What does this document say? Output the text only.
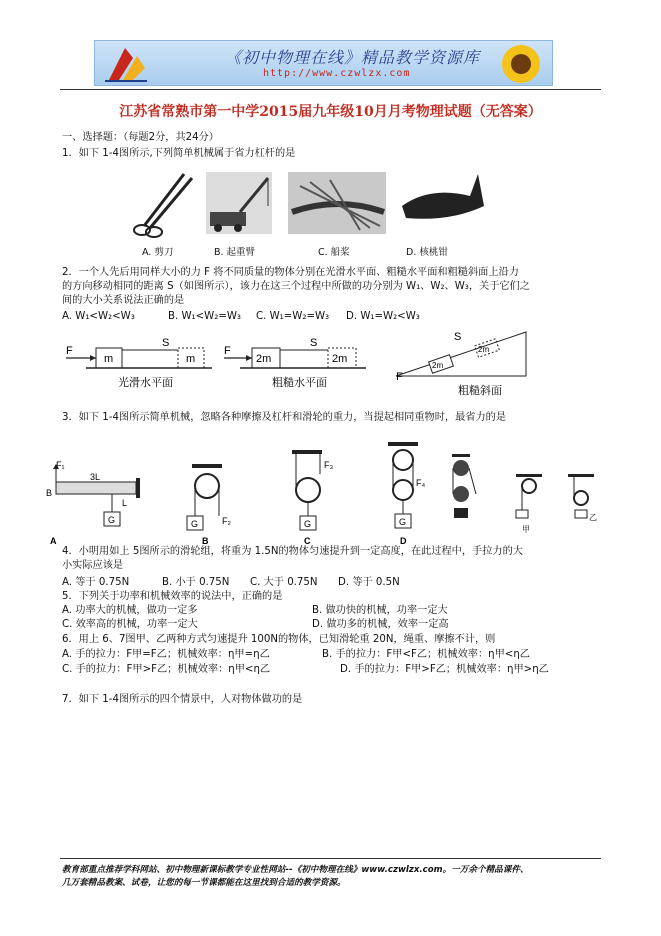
《初中物理在线》精品教学资源库
http://www.czwlzx.com
江苏省常熟市第一中学2015届九年级10月月考物理试题（无答案）
一、选择题：（每题2分，共24分）
1．如下 1-4图所示,下列简单机械属于省力杠杆的是
A. 剪刀	B. 起重臂	C. 船桨	D. 核桃钳
2．一个人先后用同样大小的力 F 将不同质量的物体分别在光滑水平面、粗糙水平面和粗糙斜面上沿力
的方向移动相同的距离 S（如图所示），该力在这三个过程中所做的功分别为 W₁、W₂、W₃，关于它们之
间的大小关系说法正确的是
A. W₁<W₂<W₃	B. W₁<W₂=W₃ C. W₁=W₂=W₃ D. W₁=W₂<W₃
F
m	m
S
光滑水平面
F
2m	2m
S
粗糙水平面	F
2m
2m
S
粗糙斜面
3．如下 1-4图所示简单机械，忽略各种摩擦及杠杆和滑轮的重力，当提起相同重物时，最省力的是
F₁
B
3L
L
G
A
G	F₂
B
G
F₃
C
G
F₄
D
甲
乙
4．小明用如上 5图所示的滑轮组，将重为 1.5N的物体匀速提升到一定高度，在此过程中，手拉力的大
小实际应该是
A. 等于 0.75N	B. 小于 0.75N C. 大于 0.75N D. 等于 0.5N
5．下列关于功率和机械效率的说法中，正确的是
A. 功率大的机械，做功一定多	B. 做功快的机械，功率一定大
C. 效率高的机械，功率一定大	D. 做功多的机械，效率一定高
6．用上 6、7图甲、乙两种方式匀速提升 100N的物体，已知滑轮重 20N，绳重、摩擦不计，则
A. 手的拉力：F甲=F乙；机械效率：η甲=η乙	B. 手的拉力：F甲<F乙；机械效率：η甲<η乙
C. 手的拉力：F甲>F乙；机械效率：η甲<η乙	D. 手的拉力：F甲>F乙；机械效率：η甲>η乙
7．如下 1-4图所示的四个情景中，人对物体做功的是
教育部重点推荐学科网站、初中物理新课标教学专业性网站--《初中物理在线》www.czwlzx.com。一万余个精品课件、
几万套精品教案、试卷，让您的每一节课都能在这里找到合适的教学资源。
